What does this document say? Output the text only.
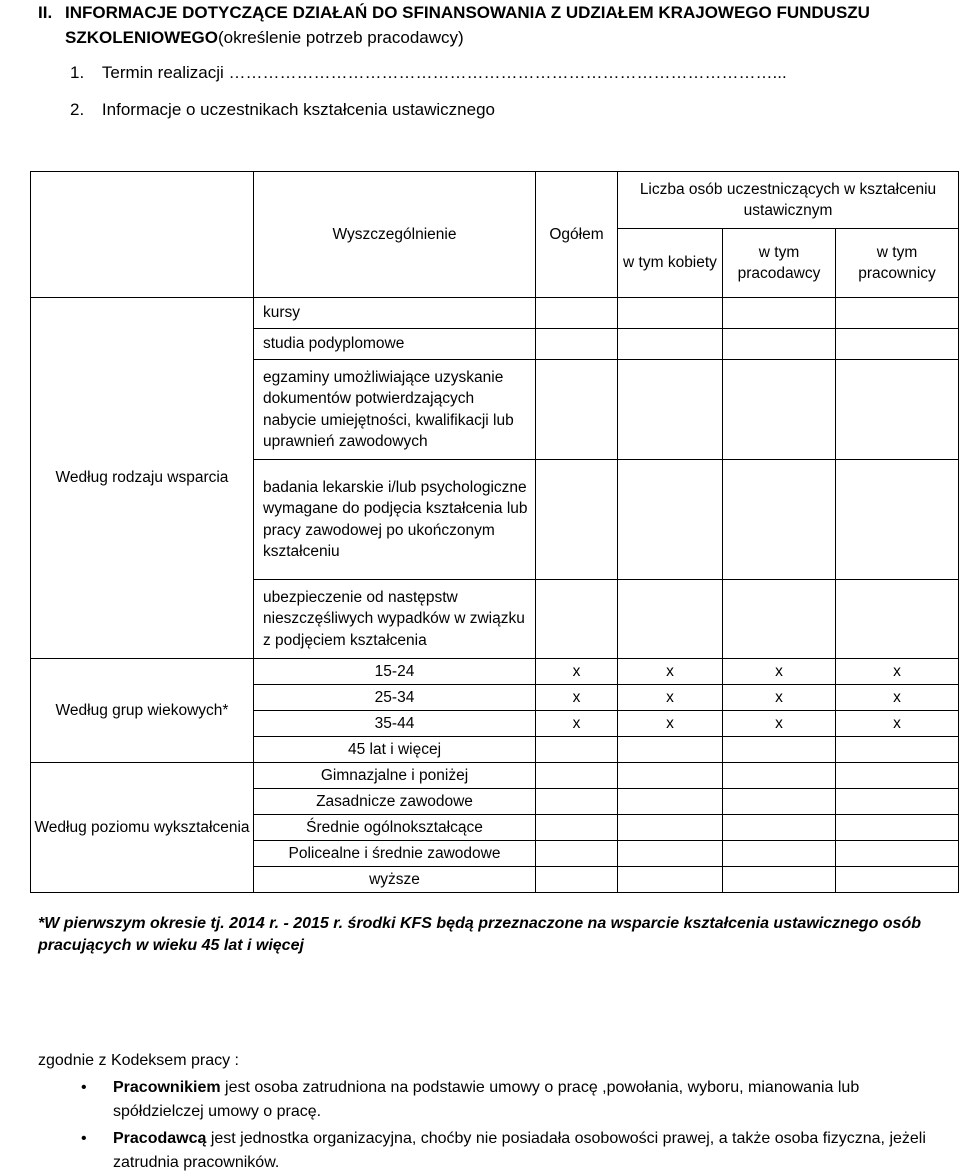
II. INFORMACJE DOTYCZĄCE DZIAŁAŃ DO SFINANSOWANIA Z UDZIAŁEM KRAJOWEGO FUNDUSZU SZKOLENIOWEGO(określenie potrzeb pracodawcy)
1. Termin realizacji ……………………………………………………………………………………...
2. Informacje o uczestnikach kształcenia ustawicznego
	Wyszczególnienie	Ogółem	Liczba osób uczestniczących w kształceniu ustawicznym		
			w tym kobiety	w tym pracodawcy	w tym pracownicy
Według rodzaju wsparcia	kursy				
	studia podyplomowe				
	egzaminy umożliwiające uzyskanie dokumentów potwierdzających nabycie umiejętności, kwalifikacji lub uprawnień zawodowych				
	badania lekarskie i/lub psychologiczne wymagane do podjęcia kształcenia lub pracy zawodowej po ukończonym kształceniu				
	ubezpieczenie od następstw nieszczęśliwych wypadków w związku z podjęciem kształcenia				
Według grup wiekowych*	15-24	x	x	x	x
	25-34	x	x	x	x
	35-44	x	x	x	x
	45 lat i więcej				
Według poziomu wykształcenia	Gimnazjalne i poniżej				
	Zasadnicze zawodowe				
	Średnie ogólnokształcące				
	Policealne i średnie zawodowe				
	wyższe				
*W pierwszym okresie tj. 2014 r. - 2015 r. środki KFS będą przeznaczone na wsparcie kształcenia ustawicznego osób pracujących w wieku 45 lat i więcej
zgodnie z Kodeksem pracy :
• Pracownikiem jest osoba zatrudniona na podstawie umowy o pracę ,powołania, wyboru, mianowania lub spółdzielczej umowy o pracę.
• Pracodawcą jest jednostka organizacyjna, choćby nie posiadała osobowości prawej, a także osoba fizyczna, jeżeli zatrudnia pracowników.
